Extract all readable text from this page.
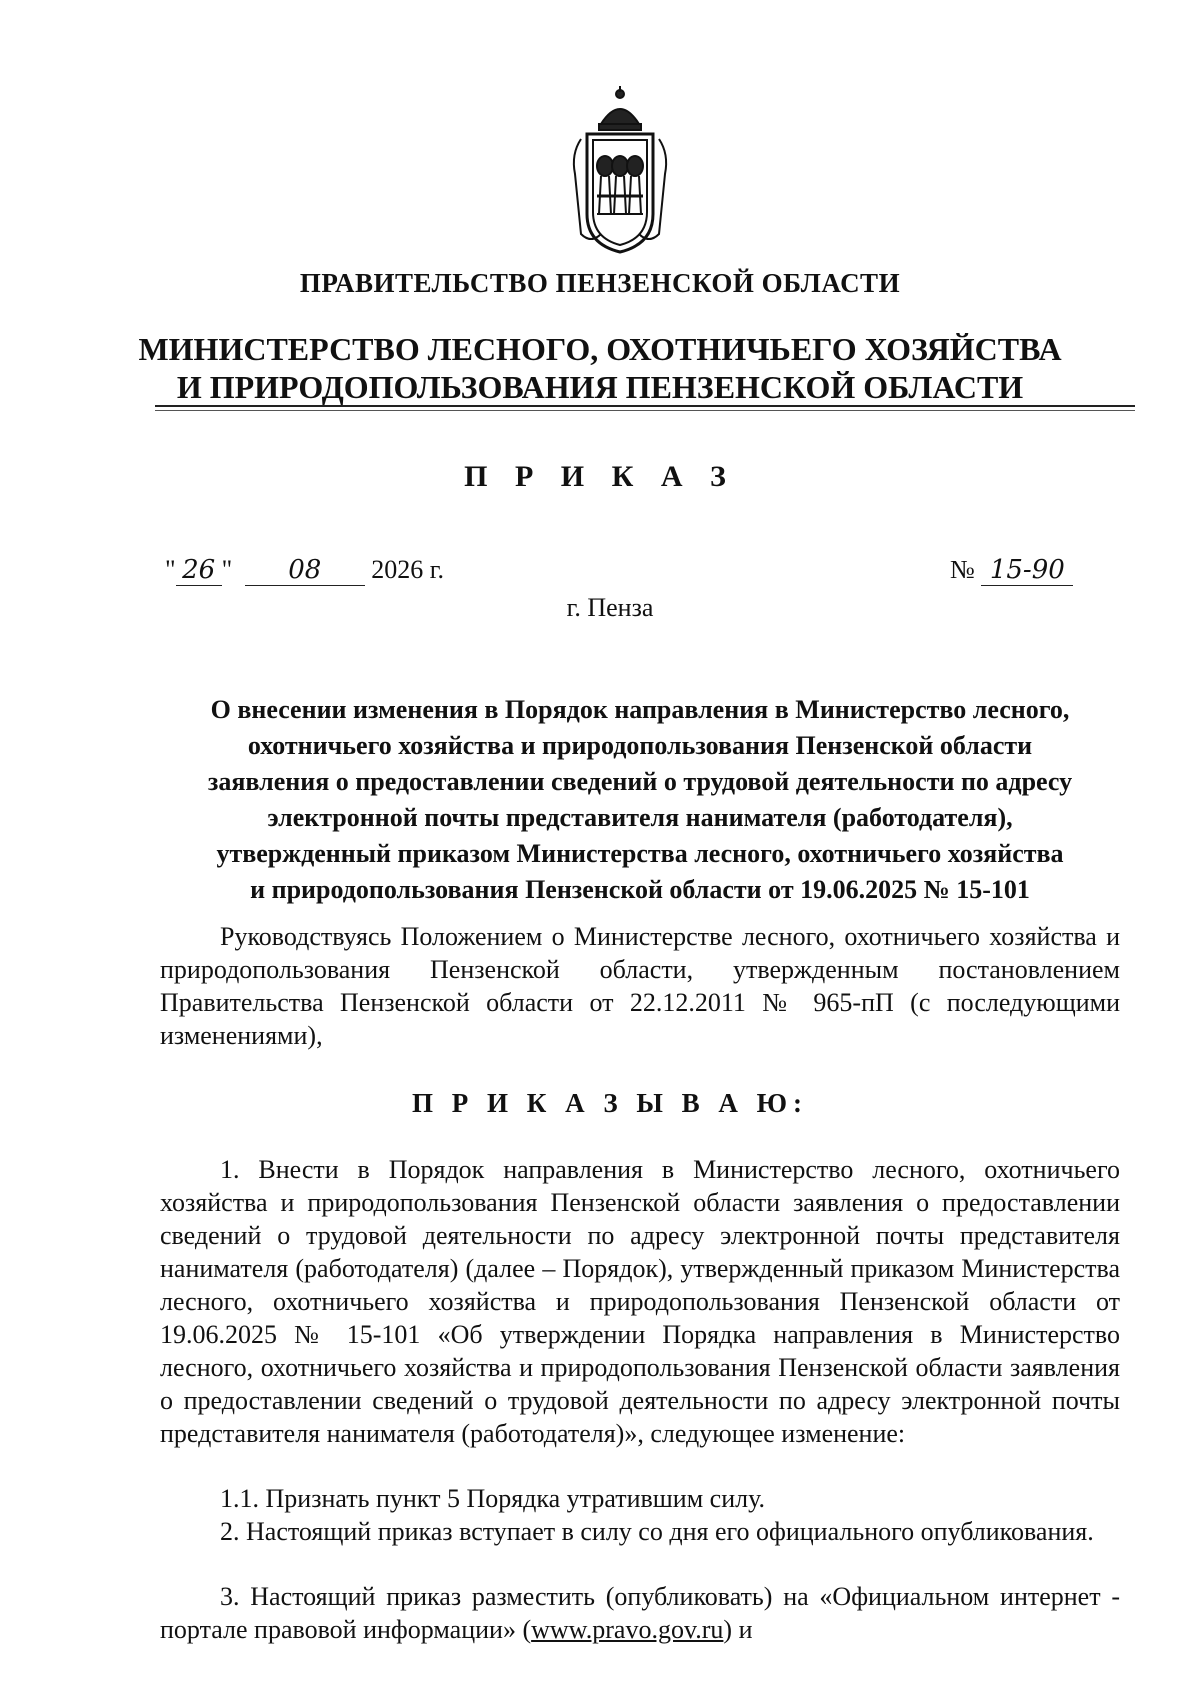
ПРАВИТЕЛЬСТВО ПЕНЗЕНСКОЙ ОБЛАСТИ
МИНИСТЕРСТВО ЛЕСНОГО, ОХОТНИЧЬЕГО ХОЗЯЙСТВА
И ПРИРОДОПОЛЬЗОВАНИЯ ПЕНЗЕНСКОЙ ОБЛАСТИ
П Р И К А З
" 26 " 08 2026 г.	№ 15-90
г. Пенза
О внесении изменения в Порядок направления в Министерство лесного,
охотничьего хозяйства и природопользования Пензенской области
заявления о предоставлении сведений о трудовой деятельности по адресу
электронной почты представителя нанимателя (работодателя),
утвержденный приказом Министерства лесного, охотничьего хозяйства
и природопользования Пензенской области от 19.06.2025 № 15-101
Руководствуясь Положением о Министерстве лесного, охотничьего хозяйства и природопользования Пензенской области, утвержденным постановлением Правительства Пензенской области от 22.12.2011 № 965-пП (с последующими изменениями),
П Р И К А З Ы В А Ю:
1. Внести в Порядок направления в Министерство лесного, охотничьего хозяйства и природопользования Пензенской области заявления о предоставлении сведений о трудовой деятельности по адресу электронной почты представителя нанимателя (работодателя) (далее – Порядок), утвержденный приказом Министерства лесного, охотничьего хозяйства и природопользования Пензенской области от 19.06.2025 № 15-101 «Об утверждении Порядка направления в Министерство лесного, охотничьего хозяйства и природопользования Пензенской области заявления о предоставлении сведений о трудовой деятельности по адресу электронной почты представителя нанимателя (работодателя)», следующее изменение:
1.1. Признать пункт 5 Порядка утратившим силу.
2. Настоящий приказ вступает в силу со дня его официального опубликования.
3. Настоящий приказ разместить (опубликовать) на «Официальном интернет - портале правовой информации» (www.pravo.gov.ru) и
